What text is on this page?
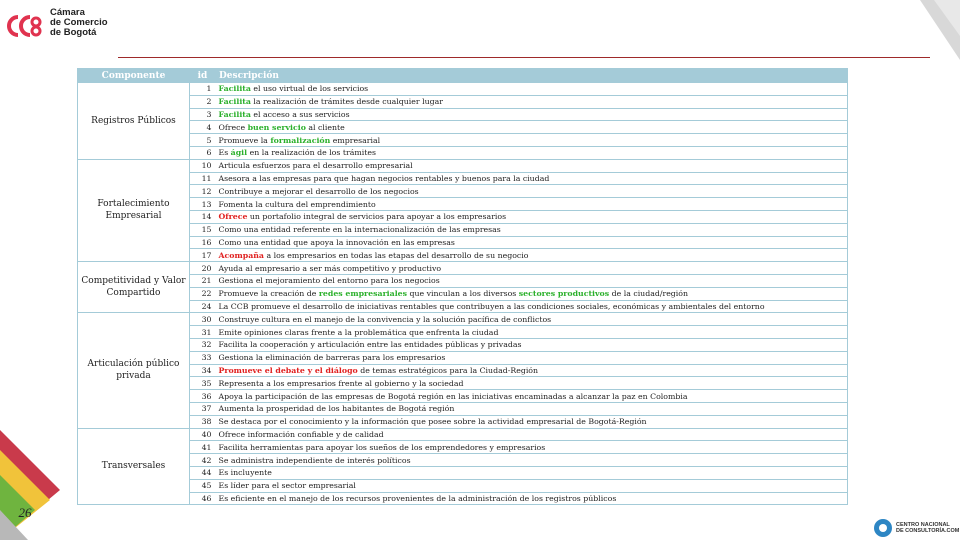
Cámara
de Comercio
de Bogotá
26
CENTRO NACIONAL
DE CONSULTORÍA.COM
Componente	id	Descripción
Registros Públicos	1	Facilita el uso virtual de los servicios
	2	Facilita la realización de trámites desde cualquier lugar
	3	Facilita el acceso a sus servicios
	4	Ofrece buen servicio al cliente
	5	Promueve la formalización empresarial
	6	Es ágil en la realización de los trámites
Fortalecimiento Empresarial	10	Articula esfuerzos para el desarrollo empresarial
	11	Asesora a las empresas para que hagan negocios rentables y buenos para la ciudad
	12	Contribuye a mejorar el desarrollo de los negocios
	13	Fomenta la cultura del emprendimiento
	14	Ofrece un portafolio integral de servicios para apoyar a los empresarios
	15	Como una entidad referente en la internacionalización de las empresas
	16	Como una entidad que apoya la innovación en las empresas
	17	Acompaña a los empresarios en todas las etapas del desarrollo de su negocio
Competitividad y Valor Compartido	20	Ayuda al empresario a ser más competitivo y productivo
	21	Gestiona el mejoramiento del entorno para los negocios
	22	Promueve la creación de redes empresariales que vinculan a los diversos sectores productivos de la ciudad/región
	24	La CCB promueve el desarrollo de iniciativas rentables que contribuyen a las condiciones sociales, económicas y ambientales del entorno
Articulación público privada	30	Construye cultura en el manejo de la convivencia y la solución pacífica de conflictos
	31	Emite opiniones claras frente a la problemática que enfrenta la ciudad
	32	Facilita la cooperación y articulación entre las entidades públicas y privadas
	33	Gestiona la eliminación de barreras para los empresarios
	34	Promueve el debate y el diálogo de temas estratégicos para la Ciudad-Región
	35	Representa a los empresarios frente al gobierno y la sociedad
	36	Apoya la participación de las empresas de Bogotá región en las iniciativas encaminadas a alcanzar la paz en Colombia
	37	Aumenta la prosperidad de los habitantes de Bogotá región
	38	Se destaca por el conocimiento y la información que posee sobre la actividad empresarial de Bogotá-Región
Transversales	40	Ofrece información confiable y de calidad
	41	Facilita herramientas para apoyar los sueños de los emprendedores y empresarios
	42	Se administra independiente de interés políticos
	44	Es incluyente
	45	Es líder para el sector empresarial
	46	Es eficiente en el manejo de los recursos provenientes de la administración de los registros públicos
